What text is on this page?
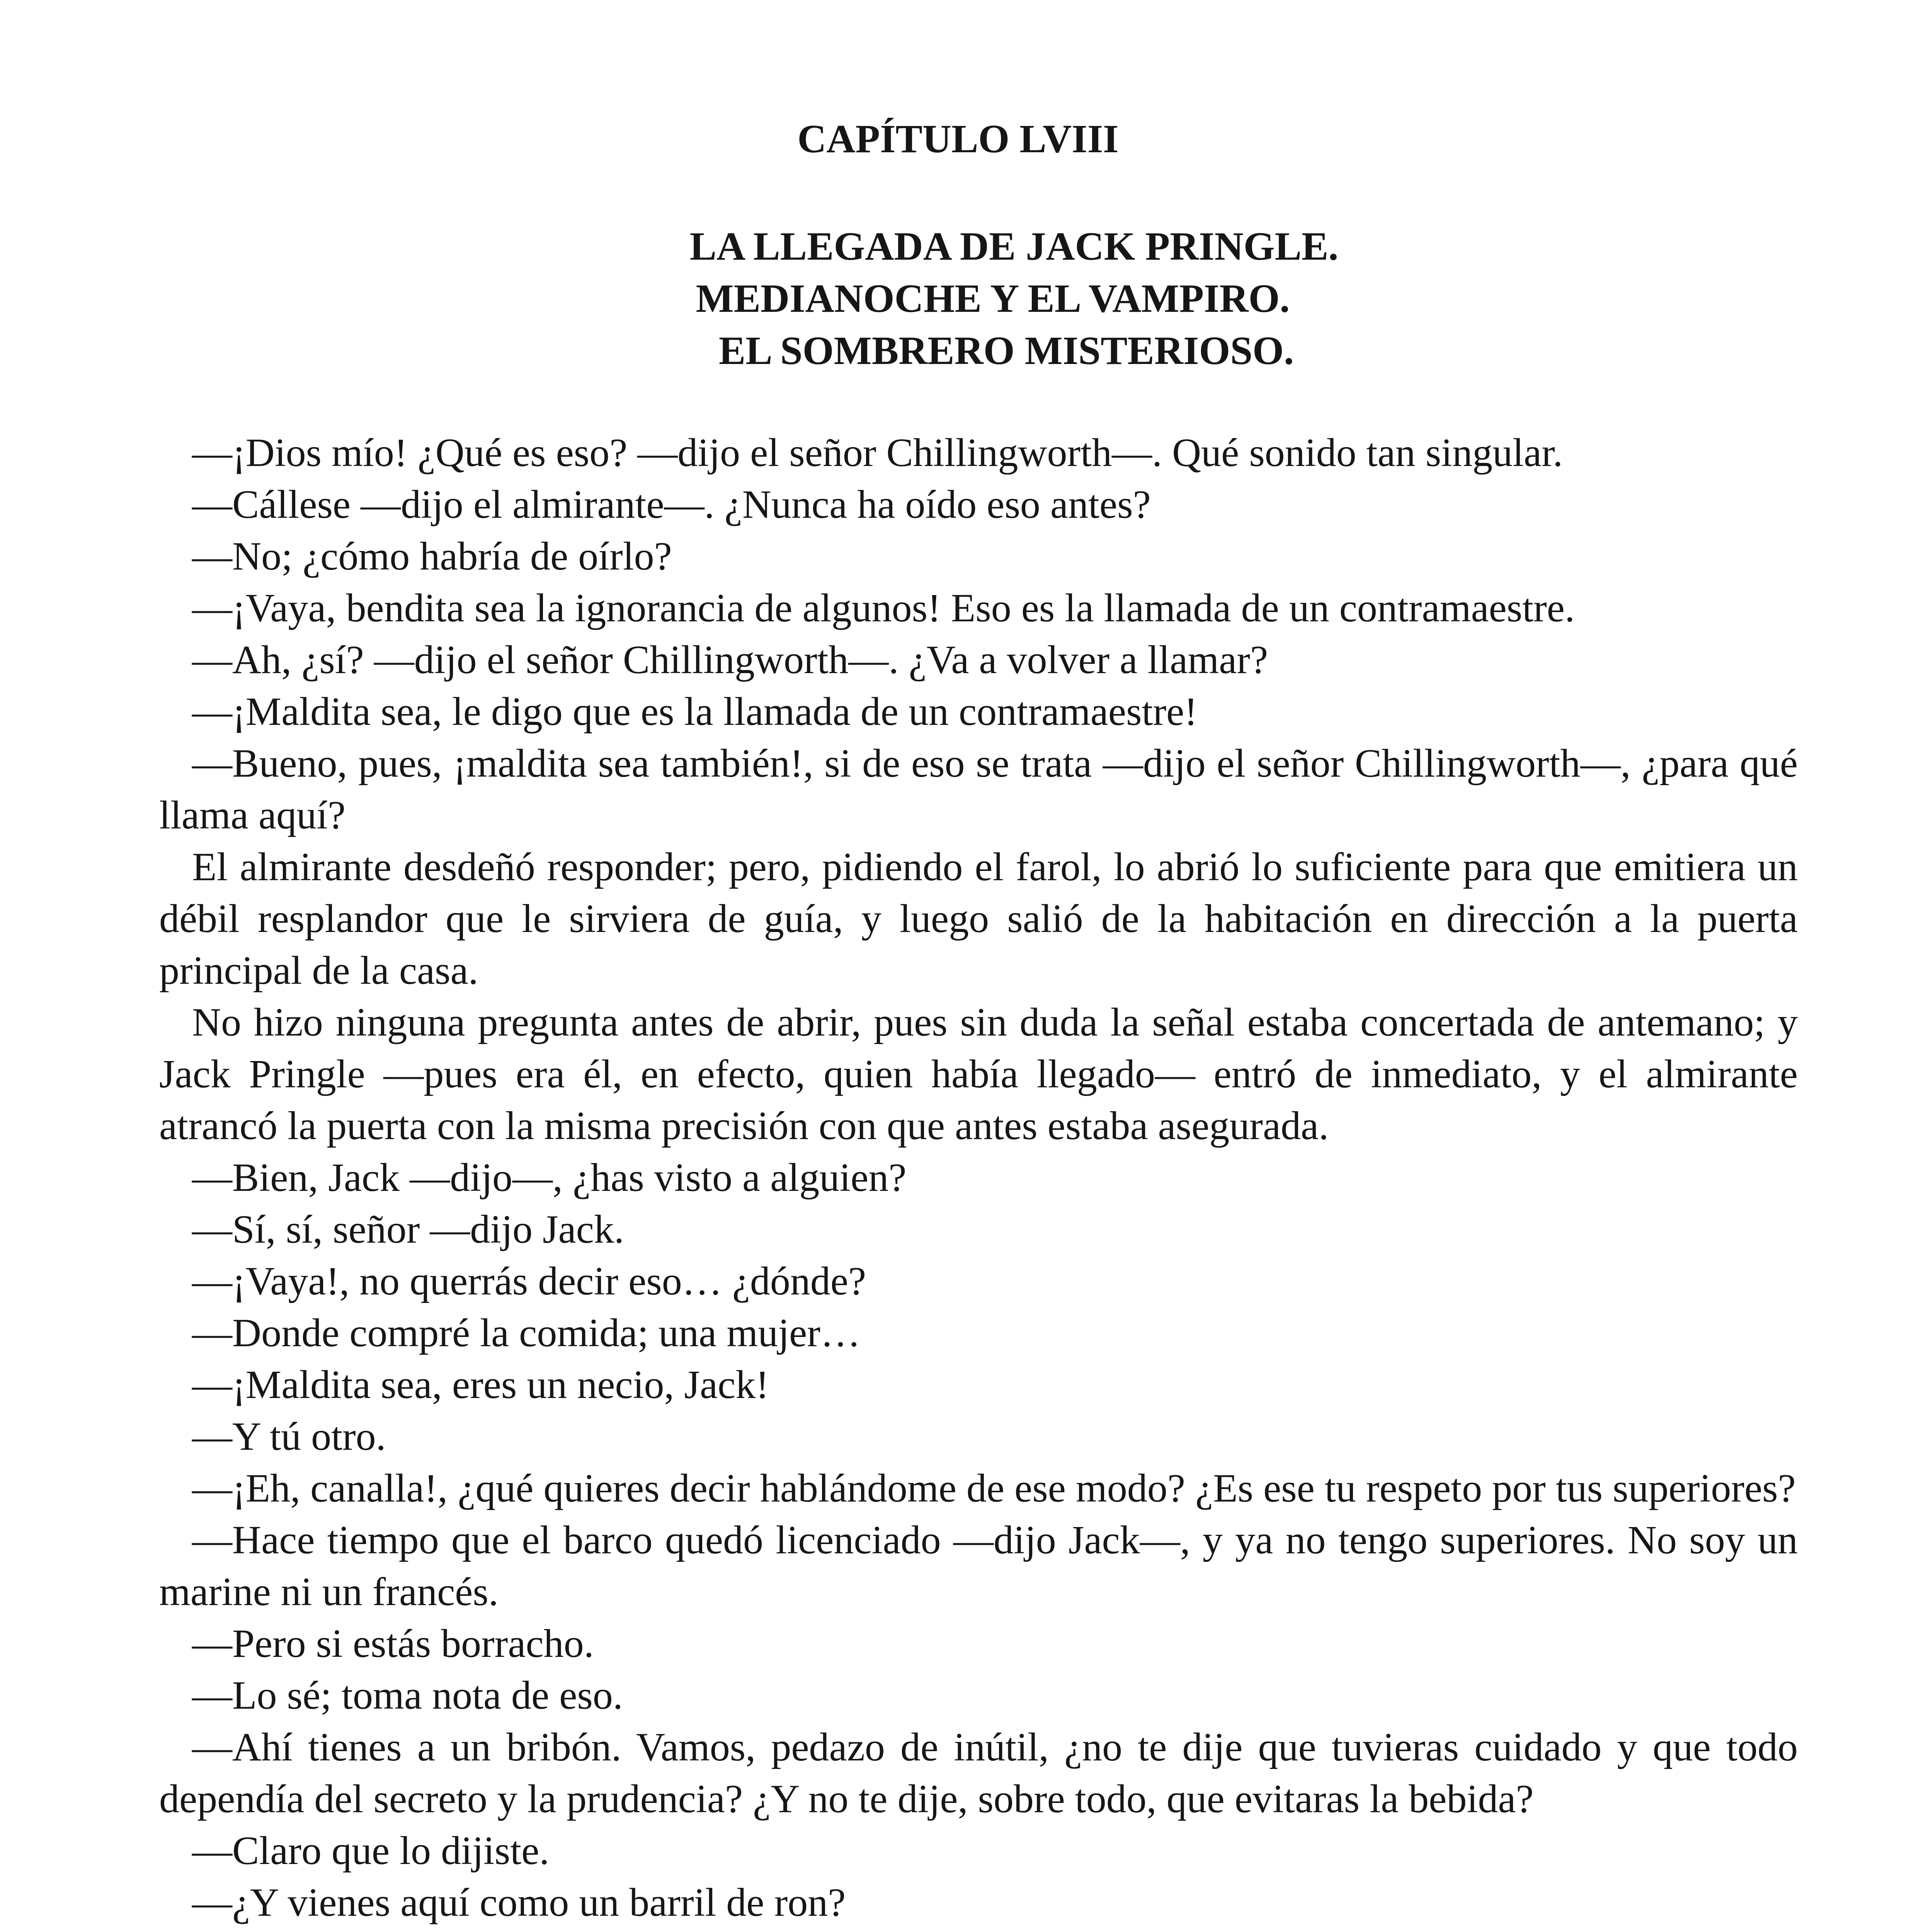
CAPÍTULO LVIII
LA LLEGADA DE JACK PRINGLE.
MEDIANOCHE Y EL VAMPIRO.
EL SOMBRERO MISTERIOSO.

—¡Dios mío! ¿Qué es eso? —dijo el señor Chillingworth—. Qué sonido tan singular.

—Cállese —dijo el almirante—. ¿Nunca ha oído eso antes?

—No; ¿cómo habría de oírlo?

—¡Vaya, bendita sea la ignorancia de algunos! Eso es la llamada de un contramaestre.

—Ah, ¿sí? —dijo el señor Chillingworth—. ¿Va a volver a llamar?

—¡Maldita sea, le digo que es la llamada de un contramaestre!

—Bueno, pues, ¡maldita sea también!, si de eso se trata —dijo el señor Chillingworth—, ¿para qué llama aquí?

El almirante desdeñó responder; pero, pidiendo el farol, lo abrió lo suficiente para que emitiera un débil resplandor que le sirviera de guía, y luego salió de la habitación en dirección a la puerta principal de la casa.

No hizo ninguna pregunta antes de abrir, pues sin duda la señal estaba concertada de antemano; y Jack Pringle —pues era él, en efecto, quien había llegado— entró de inmediato, y el almirante atrancó la puerta con la misma precisión con que antes estaba asegurada.

—Bien, Jack —dijo—, ¿has visto a alguien?

—Sí, sí, señor —dijo Jack.

—¡Vaya!, no querrás decir eso… ¿dónde?

—Donde compré la comida; una mujer…

—¡Maldita sea, eres un necio, Jack!

—Y tú otro.

—¡Eh, canalla!, ¿qué quieres decir hablándome de ese modo? ¿Es ese tu respeto por tus superiores?

—Hace tiempo que el barco quedó licenciado —dijo Jack—, y ya no tengo superiores. No soy un marine ni un francés.

—Pero si estás borracho.

—Lo sé; toma nota de eso.

—Ahí tienes a un bribón. Vamos, pedazo de inútil, ¿no te dije que tuvieras cuidado y que todo dependía del secreto y la prudencia? ¿Y no te dije, sobre todo, que evitaras la bebida?

—Claro que lo dijiste.

—¿Y vienes aquí como un barril de ron?
